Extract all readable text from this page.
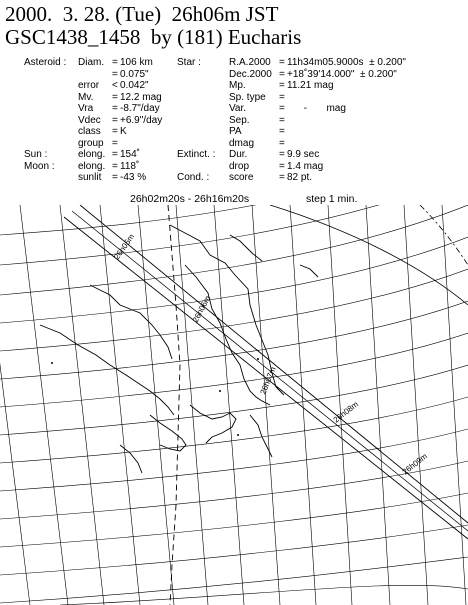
2000.  3. 28. (Tue)  26h06m JST
GSC1438_1458  by (181) Eucharis
Asteroid : Diam. = 106 km
= 0.075"
error < 0.042"
Mv. = 12.2 mag
Vra = -8.7"/day
Vdec = +6.9"/day
class = K
group =
Sun :	elong. = 154˚
Moon : elong. = 118˚
sunlit = -43 %
Star :	R.A.2000 = 11h34m05.9000s  ± 0.200"
Dec.2000 = +18˚39'14.000"  ± 0.200"
Mp.	= 11.21 mag
Sp. type =
Var.	= -       mag
Sep.	=
PA	=
dmag =
Extinct. : Dur.	= 9.9 sec
drop	= 1.4 mag
Cond. : score	= 82 pt.
26h02m20s - 26h16m20s	step 1 min.
26h05m
26h06m
26h07m
26h08m
26h09m
